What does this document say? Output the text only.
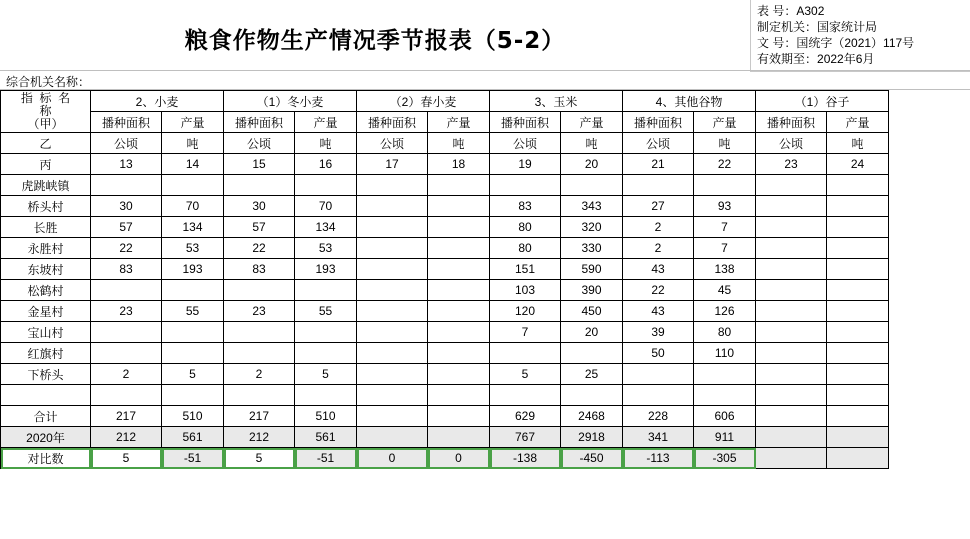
表 号：A302
制定机关：国家统计局
文 号：国统字（2021）117号
有效期至：2022年6月
粮食作物生产情况季节报表（5-2）
综合机关名称：
指  标  名
称
（甲）	2、小麦		（1）冬小麦		（2）春小麦		3、玉米		4、其他谷物		（1）谷子	
	播种面积	产量	播种面积	产量	播种面积	产量	播种面积	产量	播种面积	产量	播种面积	产量
乙	公顷	吨	公顷	吨	公顷	吨	公顷	吨	公顷	吨	公顷	吨
丙	13	14	15	16	17	18	19	20	21	22	23	24
虎跳峡镇												
桥头村	30	70	30	70			83	343	27	93		
长胜	57	134	57	134			80	320	2	7		
永胜村	22	53	22	53			80	330	2	7		
东坡村	83	193	83	193			151	590	43	138		
松鹤村							103	390	22	45		
金星村	23	55	23	55			120	450	43	126		
宝山村							7	20	39	80		
红旗村									50	110		
下桥头	2	5	2	5			5	25				

合计	217	510	217	510			629	2468	228	606		
2020年	212	561	212	561			767	2918	341	911		
对比数	5	-51	5	-51	0	0	-138	-450	-113	-305		
